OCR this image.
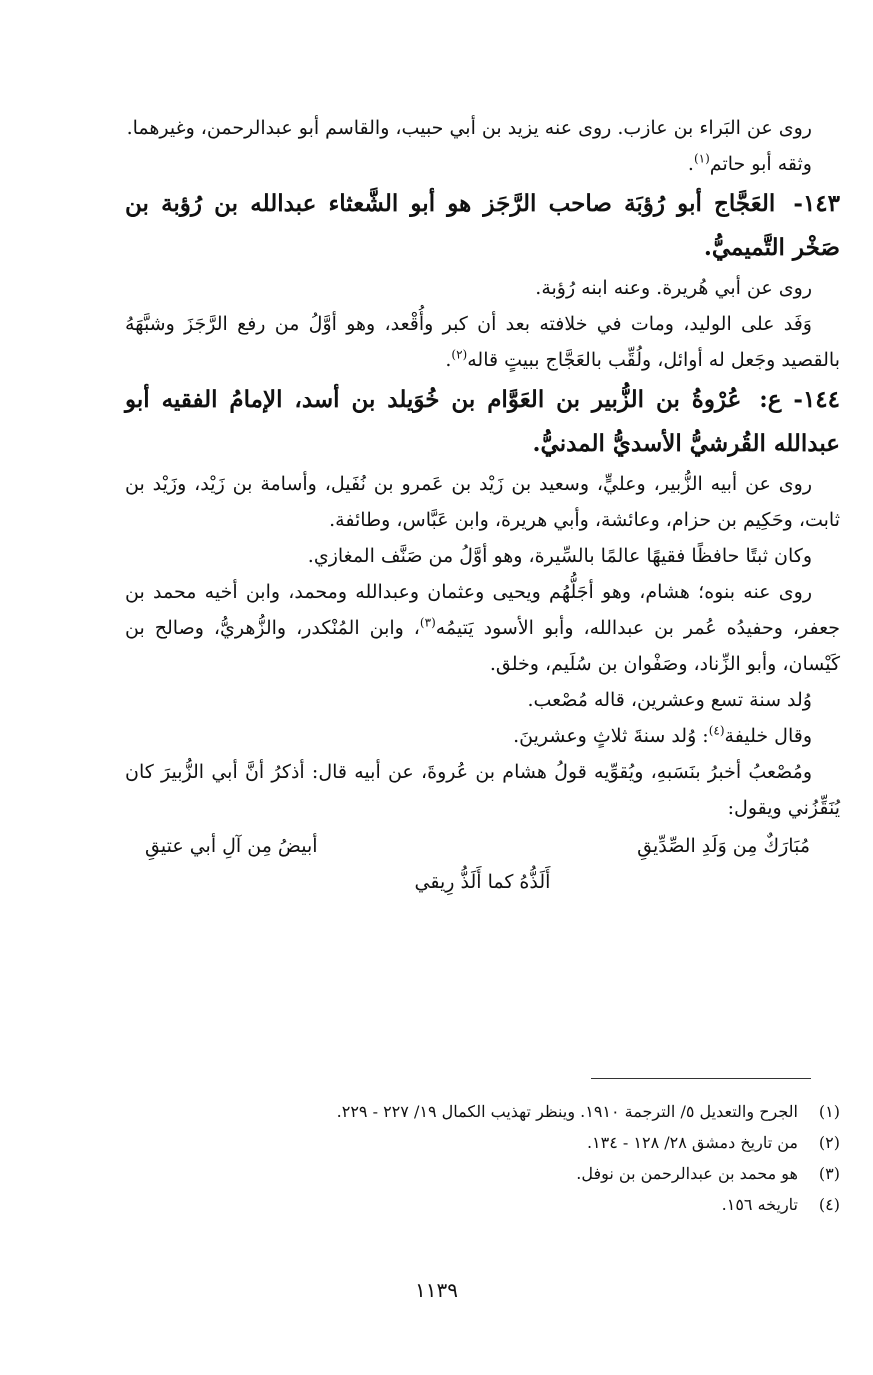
روى عن البَراء بن عازب. روى عنه يزيد بن أبي حبيب، والقاسم أبو عبدالرحمن، وغيرهما.

وثقه أبو حاتم$^{(١)}$.

١٤٣- العَجَّاج أبو رُؤبَة صاحب الرَّجَز هو أبو الشَّعثاء عبدالله بن رُؤبة بن صَخْر التَّميميُّ.

روى عن أبي هُريرة. وعنه ابنه رُؤبة.

وَفَد على الوليد، ومات في خلافته بعد أن كبر وأُقْعد، وهو أوَّلُ من رفع الرَّجَزَ وشبَّهَهُ بالقصيد وجَعل له أوائل، ولُقِّب بالعَجَّاج ببيتٍ قاله$^{(٢)}$.

١٤٤- ع: عُرْوةُ بن الزُّبير بن العَوَّام بن خُوَيلد بن أسد، الإمامُ الفقيه أبو عبدالله القُرشيُّ الأسديُّ المدنيُّ.

روى عن أبيه الزُّبير، وعليٍّ، وسعيد بن زَيْد بن عَمرو بن نُفَيل، وأسامة بن زَيْد، وزَيْد بن ثابت، وحَكِيم بن حزام، وعائشة، وأبي هريرة، وابن عَبَّاس، وطائفة.

وكان ثبتًا حافظًا فقيهًا عالمًا بالسِّيرة، وهو أوَّلُ من صَنَّف المغازي.

روى عنه بنوه؛ هشام، وهو أجَلُّهُم ويحيى وعثمان وعبدالله ومحمد، وابن أخيه محمد بن جعفر، وحفيدُه عُمر بن عبدالله، وأبو الأسود يَتيمُه$^{(٣)}$، وابن المُنْكدر، والزُّهريُّ، وصالح بن كَيْسان، وأبو الزِّناد، وصَفْوان بن سُلَيم، وخلق.

وُلد سنة تسع وعشرين، قاله مُصْعب.

وقال خليفة$^{(٤)}$: وُلد سنةَ ثلاثٍ وعشرينَ.

ومُصْعبُ أخبرُ بنَسَبهِ، ويُقوِّيه قولُ هشام بن عُروةَ، عن أبيه قال: أذكرُ أنَّ أبي الزُّبيرَ كان يُنَقِّزُني ويقول:

مُبَارَكٌ مِن وَلَدِ الصِّدِّيقِ
أبيضُ مِن آلِ أبي عتيقِ
أَلَذُّهُ كما أَلَذُّ رِيقي

(١)
الجرح والتعديل ٥/ الترجمة ١٩١٠. وينظر تهذيب الكمال ١٩/ ٢٢٧ - ٢٢٩.

(٢)
من تاريخ دمشق ٢٨/ ١٢٨ - ١٣٤.

(٣)
هو محمد بن عبدالرحمن بن نوفل.

(٤)
تاريخه ١٥٦.

١١٣٩
